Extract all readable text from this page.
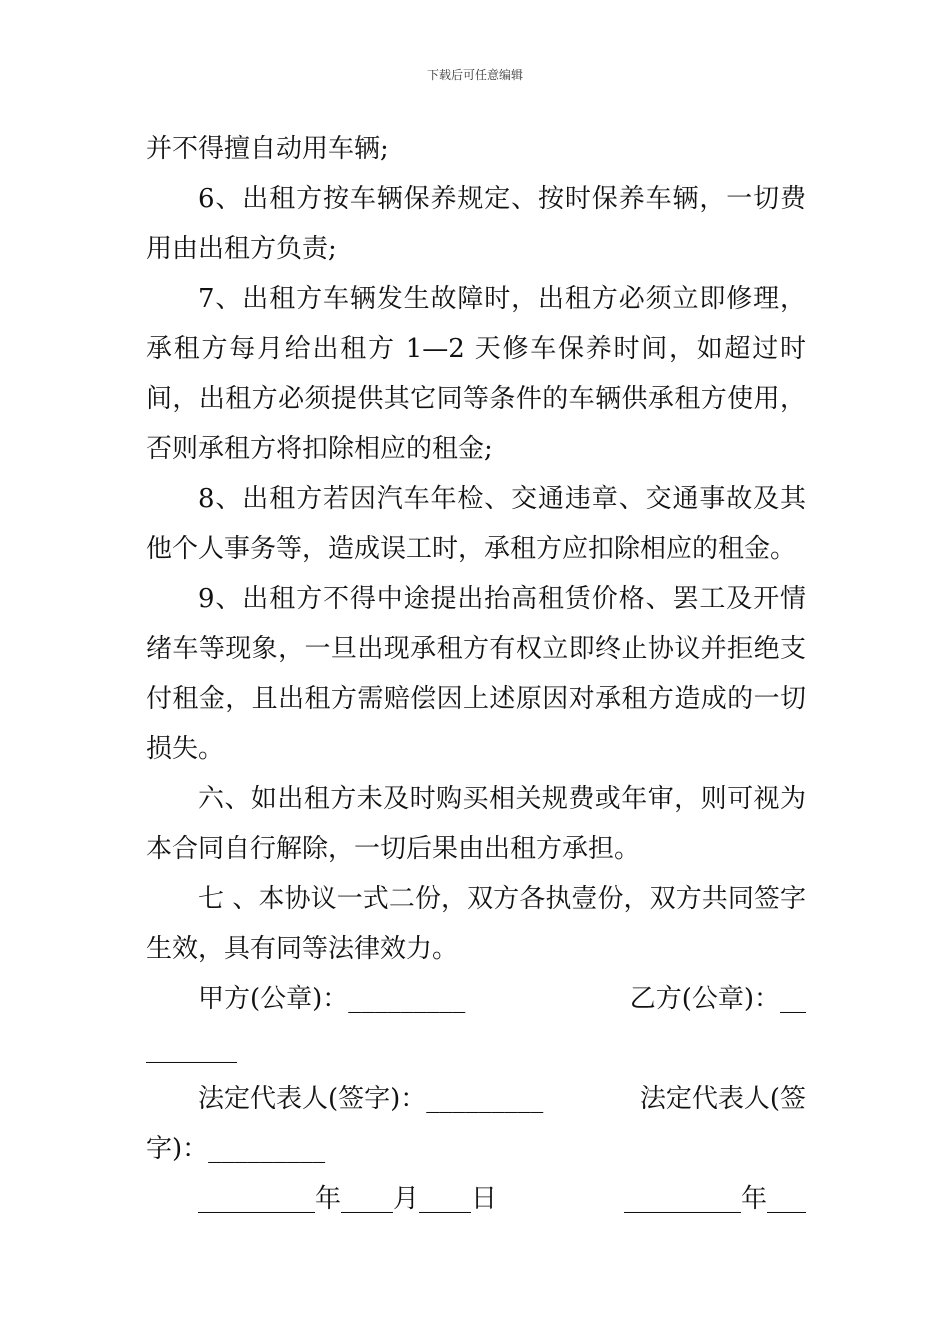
下载后可任意编辑

并不得擅自动用车辆;

6、出租方按车辆保养规定、按时保养车辆，一切费用由出租方负责;

7、出租方车辆发生故障时，出租方必须立即修理，承租方每月给出租方 1—2 天修车保养时间，如超过时间，出租方必须提供其它同等条件的车辆供承租方使用，否则承租方将扣除相应的租金;

8、出租方若因汽车年检、交通违章、交通事故及其他个人事务等，造成误工时，承租方应扣除相应的租金。

9、出租方不得中途提出抬高租赁价格、罢工及开情绪车等现象，一旦出现承租方有权立即终止协议并拒绝支付租金，且出租方需赔偿因上述原因对承租方造成的一切损失。

六、如出租方未及时购买相关规费或年审，则可视为本合同自行解除，一切后果由出租方承担。

七 、本协议一式二份，双方各执壹份，双方共同签字生效，具有同等法律效力。

甲方(公章)：_________	乙方(公章)：__
_______
法定代表人(签字)：_________	法定代表人(签
字)：_________
_________年____月____日	_________年___
